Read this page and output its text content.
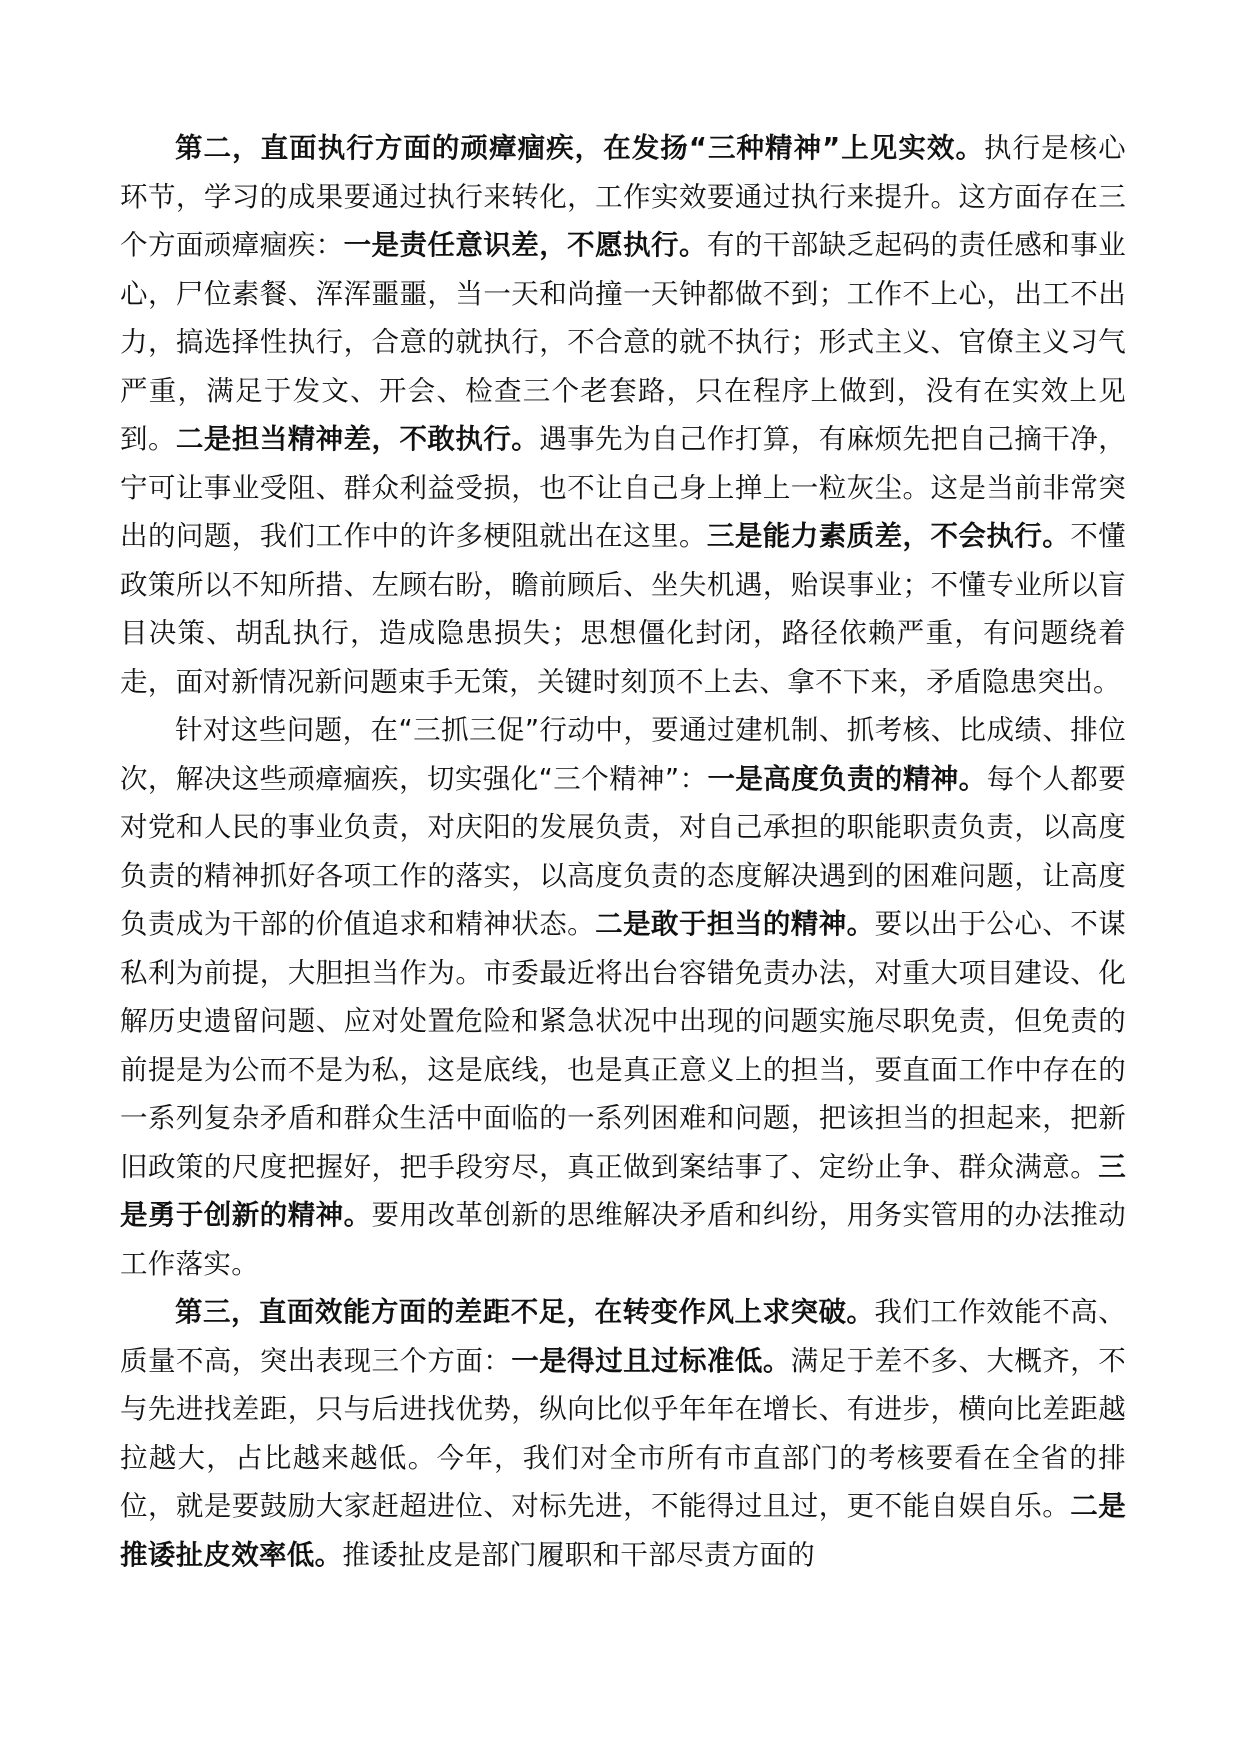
第二，直面执行方面的顽瘴痼疾，在发扬“三种精神”上见实效。执行是核心环节，学习的成果要通过执行来转化，工作实效要通过执行来提升。这方面存在三个方面顽瘴痼疾：一是责任意识差，不愿执行。有的干部缺乏起码的责任感和事业心，尸位素餐、浑浑噩噩，当一天和尚撞一天钟都做不到；工作不上心，出工不出力，搞选择性执行，合意的就执行，不合意的就不执行；形式主义、官僚主义习气严重，满足于发文、开会、检查三个老套路，只在程序上做到，没有在实效上见到。二是担当精神差，不敢执行。遇事先为自己作打算，有麻烦先把自己摘干净，宁可让事业受阻、群众利益受损，也不让自己身上掸上一粒灰尘。这是当前非常突出的问题，我们工作中的许多梗阻就出在这里。三是能力素质差，不会执行。不懂政策所以不知所措、左顾右盼，瞻前顾后、坐失机遇，贻误事业；不懂专业所以盲目决策、胡乱执行，造成隐患损失；思想僵化封闭，路径依赖严重，有问题绕着走，面对新情况新问题束手无策，关键时刻顶不上去、拿不下来，矛盾隐患突出。

针对这些问题，在“三抓三促”行动中，要通过建机制、抓考核、比成绩、排位次，解决这些顽瘴痼疾，切实强化“三个精神”：一是高度负责的精神。每个人都要对党和人民的事业负责，对庆阳的发展负责，对自己承担的职能职责负责，以高度负责的精神抓好各项工作的落实，以高度负责的态度解决遇到的困难问题，让高度负责成为干部的价值追求和精神状态。二是敢于担当的精神。要以出于公心、不谋私利为前提，大胆担当作为。市委最近将出台容错免责办法，对重大项目建设、化解历史遗留问题、应对处置危险和紧急状况中出现的问题实施尽职免责，但免责的前提是为公而不是为私，这是底线，也是真正意义上的担当，要直面工作中存在的一系列复杂矛盾和群众生活中面临的一系列困难和问题，把该担当的担起来，把新旧政策的尺度把握好，把手段穷尽，真正做到案结事了、定纷止争、群众满意。三是勇于创新的精神。要用改革创新的思维解决矛盾和纠纷，用务实管用的办法推动工作落实。

第三，直面效能方面的差距不足，在转变作风上求突破。我们工作效能不高、质量不高，突出表现三个方面：一是得过且过标准低。满足于差不多、大概齐，不与先进找差距，只与后进找优势，纵向比似乎年年在增长、有进步，横向比差距越拉越大，占比越来越低。今年，我们对全市所有市直部门的考核要看在全省的排位，就是要鼓励大家赶超进位、对标先进，不能得过且过，更不能自娱自乐。二是推诿扯皮效率低。推诿扯皮是部门履职和干部尽责方面的
